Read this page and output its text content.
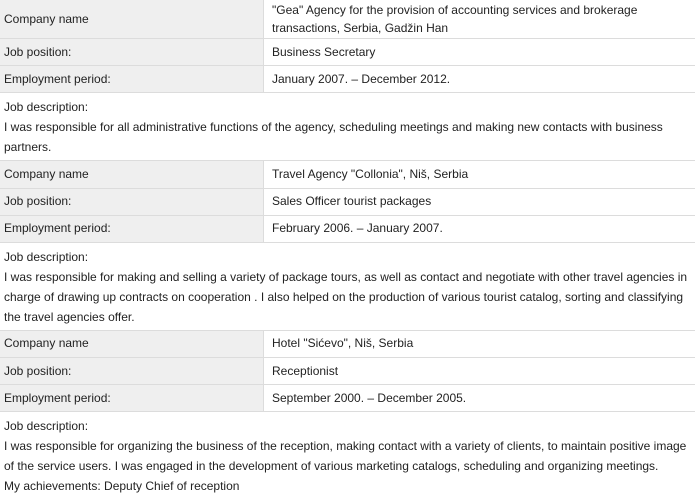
Company name	"Gea" Agency for the provision of accounting services and brokerage transactions, Serbia, Gadžin Han
Job position:	Business Secretary
Employment period:	January 2007. – December 2012.
Job description:
I was responsible for all administrative functions of the agency, scheduling meetings and making new contacts with business partners.
Company name	Travel Agency "Collonia", Niš, Serbia
Job position:	Sales Officer tourist packages
Employment period:	February 2006. – January 2007.
Job description:
I was responsible for making and selling a variety of package tours, as well as contact and negotiate with other travel agencies in charge of drawing up contracts on cooperation . I also helped on the production of various tourist catalog, sorting and classifying the travel agencies offer.
Company name	Hotel "Sićevo", Niš, Serbia
Job position:	Receptionist
Employment period:	September 2000. – December 2005.
Job description:
I was responsible for organizing the business of the reception, making contact with a variety of clients, to maintain positive image of the service users. I was engaged in the development of various marketing catalogs, scheduling and organizing meetings.
My achievements: Deputy Chief of reception
